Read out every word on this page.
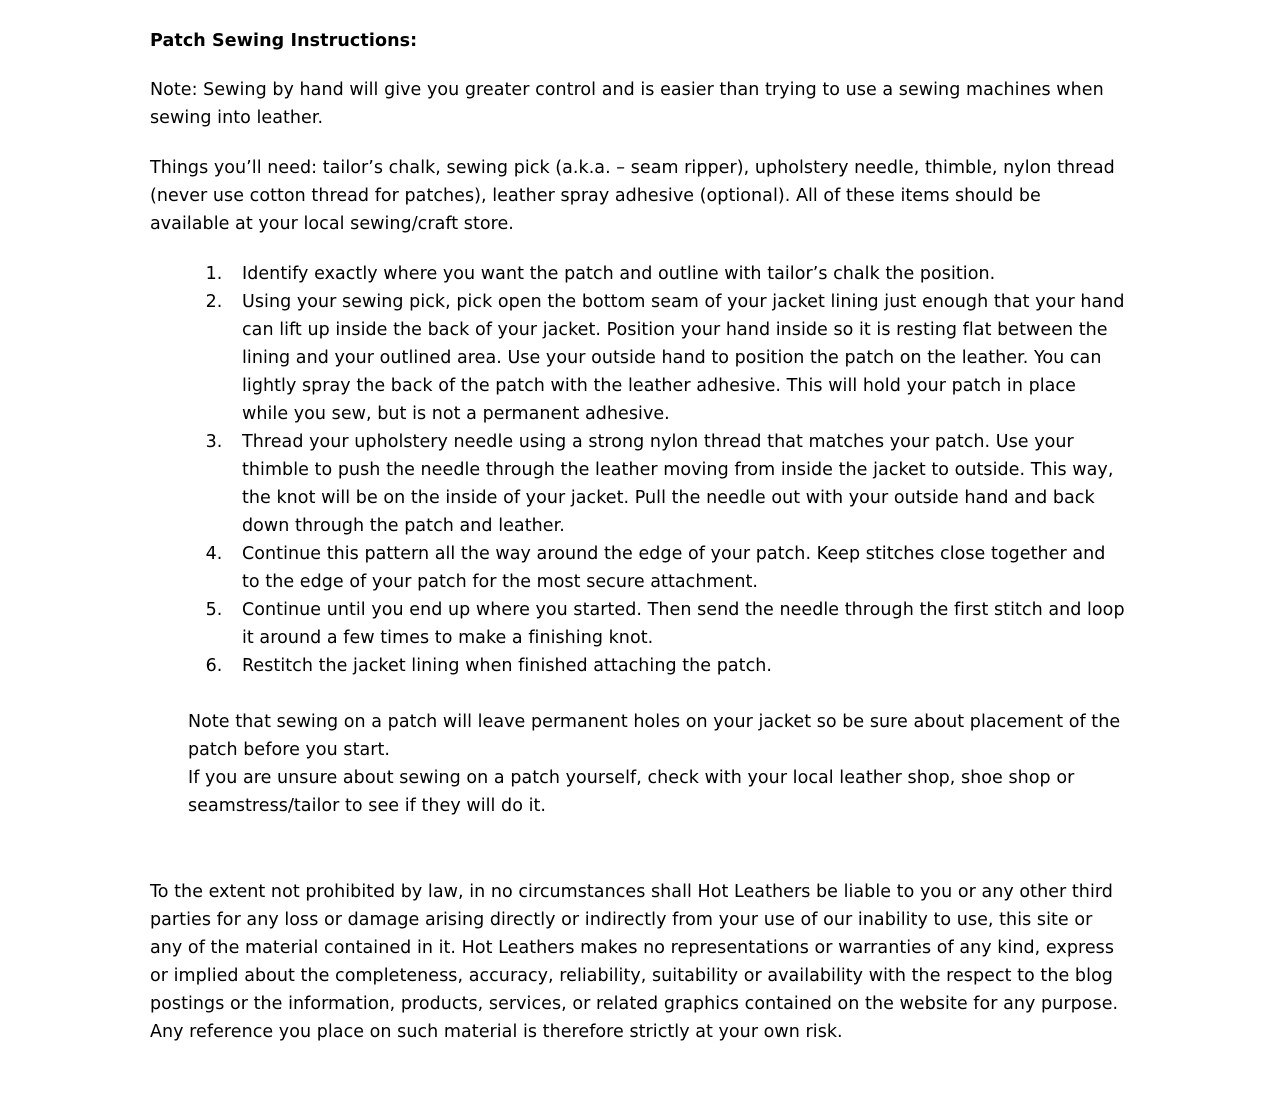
Patch Sewing Instructions:

Note: Sewing by hand will give you greater control and is easier than trying to use a sewing machines when sewing into leather.

Things you’ll need: tailor’s chalk, sewing pick (a.k.a. – seam ripper), upholstery needle, thimble, nylon thread (never use cotton thread for patches), leather spray adhesive (optional). All of these items should be available at your local sewing/craft store.

1. Identify exactly where you want the patch and outline with tailor’s chalk the position.
2. Using your sewing pick, pick open the bottom seam of your jacket lining just enough that your hand can lift up inside the back of your jacket. Position your hand inside so it is resting flat between the lining and your outlined area. Use your outside hand to position the patch on the leather. You can lightly spray the back of the patch with the leather adhesive. This will hold your patch in place while you sew, but is not a permanent adhesive.
3. Thread your upholstery needle using a strong nylon thread that matches your patch. Use your thimble to push the needle through the leather moving from inside the jacket to outside. This way, the knot will be on the inside of your jacket. Pull the needle out with your outside hand and back down through the patch and leather.
4. Continue this pattern all the way around the edge of your patch. Keep stitches close together and to the edge of your patch for the most secure attachment.
5. Continue until you end up where you started. Then send the needle through the first stitch and loop it around a few times to make a finishing knot.
6. Restitch the jacket lining when finished attaching the patch.

Note that sewing on a patch will leave permanent holes on your jacket so be sure about placement of the patch before you start.

If you are unsure about sewing on a patch yourself, check with your local leather shop, shoe shop or seamstress/tailor to see if they will do it.

To the extent not prohibited by law, in no circumstances shall Hot Leathers be liable to you or any other third parties for any loss or damage arising directly or indirectly from your use of our inability to use, this site or any of the material contained in it. Hot Leathers makes no representations or warranties of any kind, express or implied about the completeness, accuracy, reliability, suitability or availability with the respect to the blog postings or the information, products, services, or related graphics contained on the website for any purpose. Any reference you place on such material is therefore strictly at your own risk.
